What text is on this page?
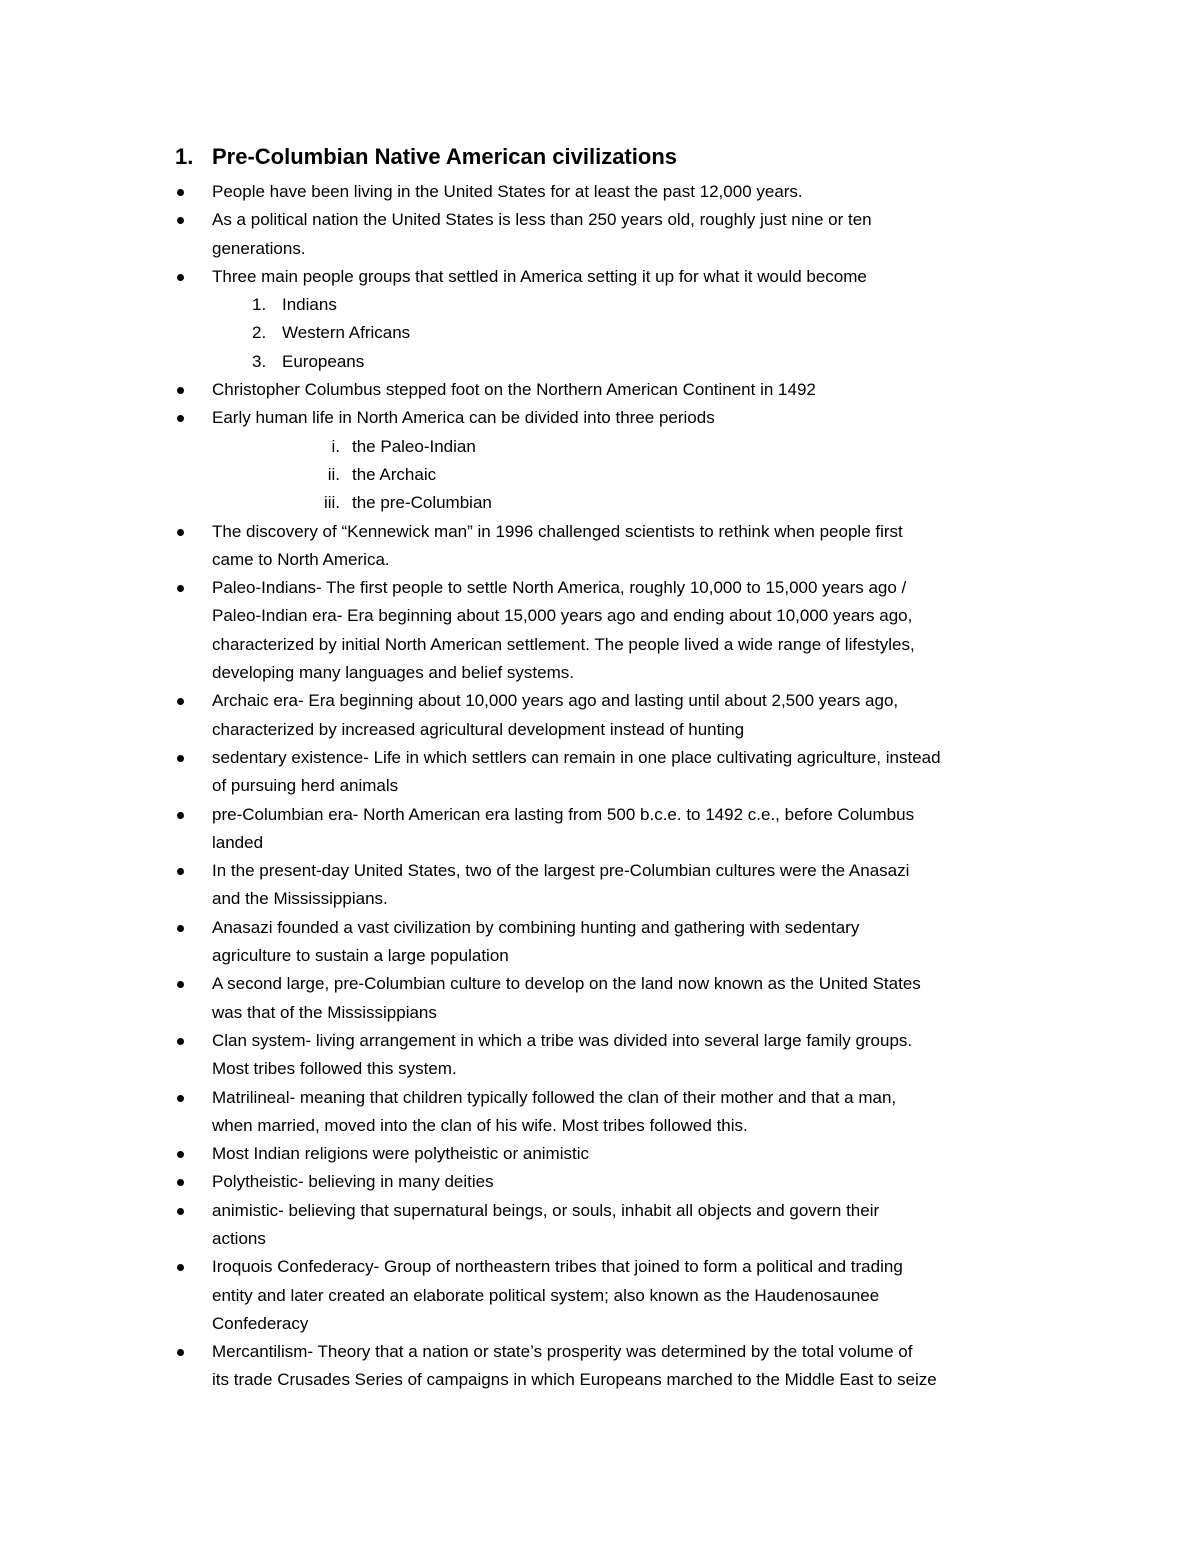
1. Pre-Columbian Native American civilizations
People have been living in the United States for at least the past 12,000 years.
As a political nation the United States is less than 250 years old, roughly just nine or ten
generations.
Three main people groups that settled in America setting it up for what it would become
1. Indians
2. Western Africans
3. Europeans
Christopher Columbus stepped foot on the Northern American Continent in 1492
Early human life in North America can be divided into three periods
i. the Paleo-Indian
ii. the Archaic
iii. the pre-Columbian
The discovery of “Kennewick man” in 1996 challenged scientists to rethink when people first
came to North America.
Paleo-Indians- The first people to settle North America, roughly 10,000 to 15,000 years ago /
Paleo-Indian era- Era beginning about 15,000 years ago and ending about 10,000 years ago,
characterized by initial North American settlement. The people lived a wide range of lifestyles,
developing many languages and belief systems.
Archaic era- Era beginning about 10,000 years ago and lasting until about 2,500 years ago,
characterized by increased agricultural development instead of hunting
sedentary existence- Life in which settlers can remain in one place cultivating agriculture, instead
of pursuing herd animals
pre-Columbian era- North American era lasting from 500 b.c.e. to 1492 c.e., before Columbus
landed
In the present-day United States, two of the largest pre-Columbian cultures were the Anasazi
and the Mississippians.
Anasazi founded a vast civilization by combining hunting and gathering with sedentary
agriculture to sustain a large population
A second large, pre-Columbian culture to develop on the land now known as the United States
was that of the Mississippians
Clan system- living arrangement in which a tribe was divided into several large family groups.
Most tribes followed this system.
Matrilineal- meaning that children typically followed the clan of their mother and that a man,
when married, moved into the clan of his wife. Most tribes followed this.
Most Indian religions were polytheistic or animistic
Polytheistic- believing in many deities
animistic- believing that supernatural beings, or souls, inhabit all objects and govern their
actions
Iroquois Confederacy- Group of northeastern tribes that joined to form a political and trading
entity and later created an elaborate political system; also known as the Haudenosaunee
Confederacy
Mercantilism- Theory that a nation or state’s prosperity was determined by the total volume of
its trade Crusades Series of campaigns in which Europeans marched to the Middle East to seize
